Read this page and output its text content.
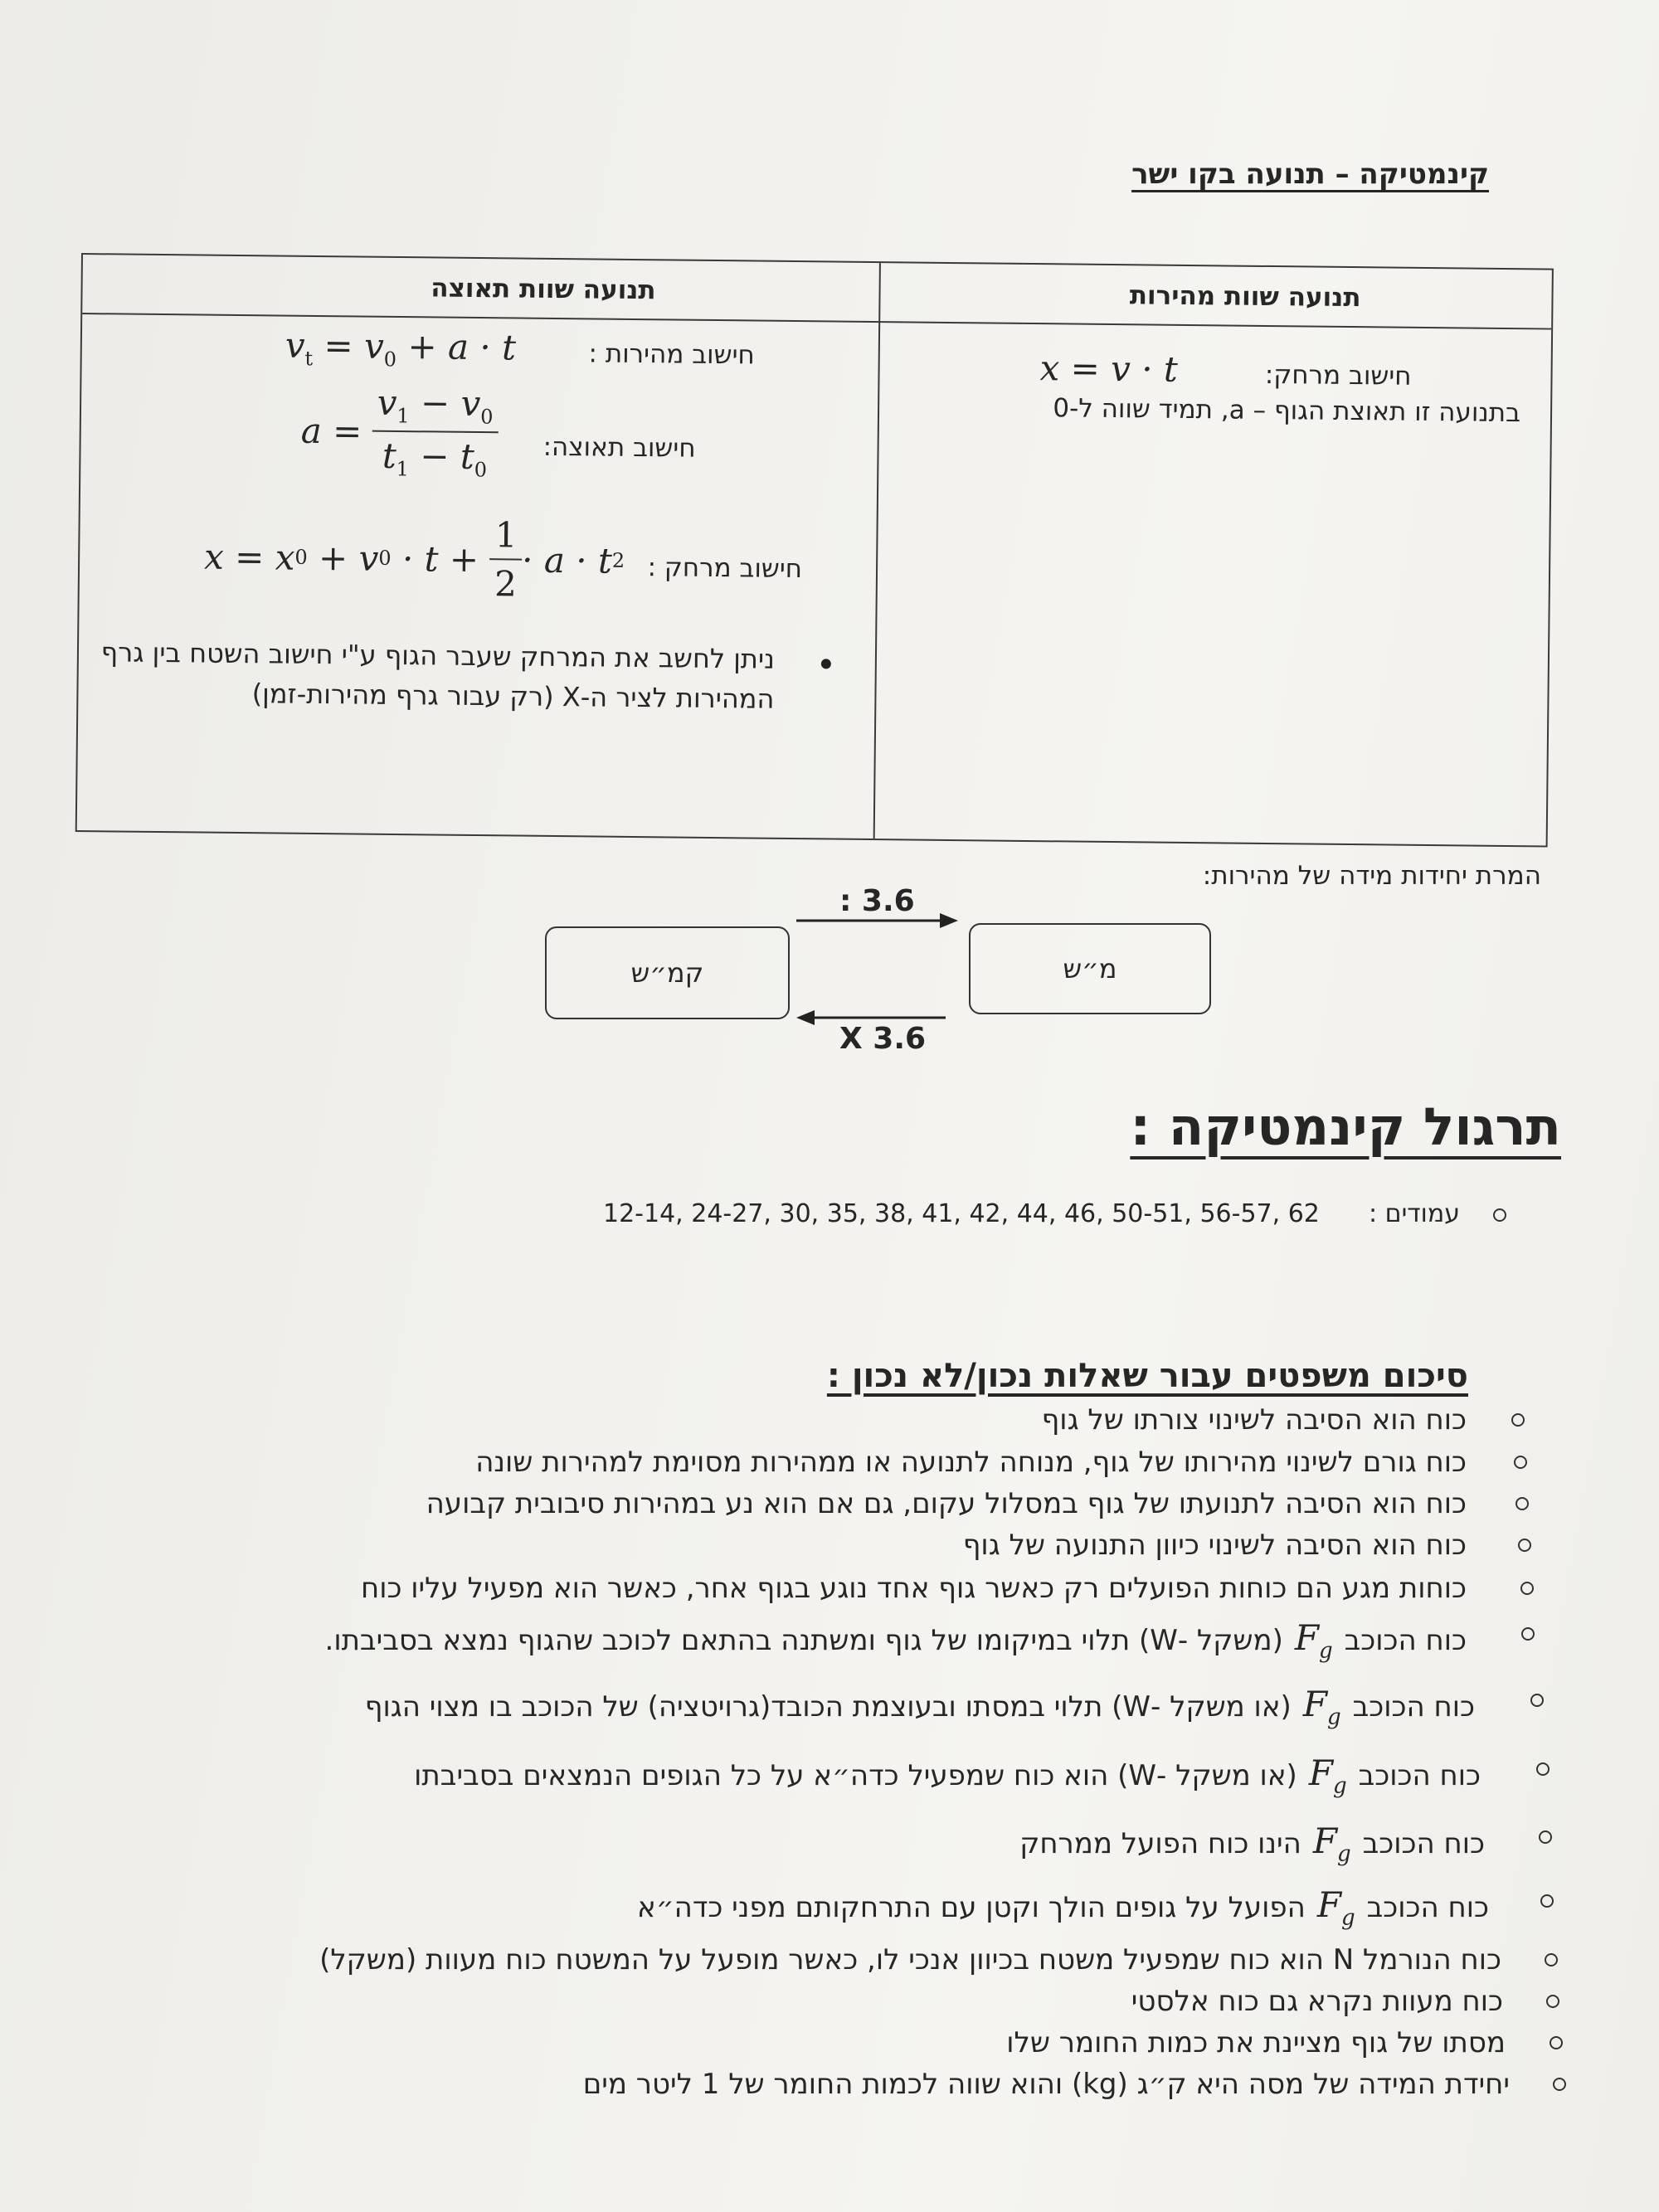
קינמטיקה – תנועה בקו ישר
תנועה שוות מהירות
תנועה שוות תאוצה
חישוב מרחק:
x = v · t
בתנועה זו תאוצת הגוף – a, תמיד שווה ל-0
חישוב מהירות :
$v_t = v_0 + a \cdot t$
חישוב תאוצה:
$a = \frac{v_1 - v_0}{t_1 - t_0}$
חישוב מרחק :
x = x 0
+ v $0 \cdot t + \frac{1}{2} \cdot a \cdot t$ 2
ניתן לחשב את המרחק שעבר הגוף ע"י חישוב השטח בין גרף המהירות לציר ה-X (רק עבור גרף מהירות-זמן)
המרת יחידות מידה של מהירות:
מ״ש
קמ״ש
: 3.6
X 3.6
תרגול קינמטיקה :
עמודים :
12-14, 24-27, 30, 35, 38, 41, 42, 44, 46, 50-51, 56-57, 62
סיכום משפטים עבור שאלות נכון/לא נכון :
כוח הוא הסיבה לשינוי צורתו של גוף
כוח גורם לשינוי מהירותו של גוף, מנוחה לתנועה או ממהירות מסוימת למהירות שונה
כוח הוא הסיבה לתנועתו של גוף במסלול עקום, גם אם הוא נע במהירות סיבובית קבועה
כוח הוא הסיבה לשינוי כיוון התנועה של גוף
כוחות מגע הם כוחות הפועלים רק כאשר גוף אחד נוגע בגוף אחר, כאשר הוא מפעיל עליו כוח
כוח הכוכבF$_g$(משקל -W) תלוי במיקומו של גוף ומשתנה בהתאם לכוכב שהגוף נמצא בסביבתו.
כוח הכוכבF$_g$(או משקל -W) תלוי במסתו ובעוצמת הכובד(גרויטציה) של הכוכב בו מצוי הגוף
כוח הכוכבF$_g$(או משקל -W) הוא כוח שמפעיל כדה״א על כל הגופים הנמצאים בסביבתו
כוח הכוכבF$_g$הינו כוח הפועל ממרחק
כוח הכוכבF$_g$הפועל על גופים הולך וקטן עם התרחקותם מפני כדה״א
כוח הנורמל N הוא כוח שמפעיל משטח בכיוון אנכי לו, כאשר מופעל על המשטח כוח מעוות (משקל)
כוח מעוות נקרא גם כוח אלסטי
מסתו של גוף מציינת את כמות החומר שלו
יחידת המידה של מסה היא ק״ג (kg) והוא שווה לכמות החומר של 1 ליטר מים
